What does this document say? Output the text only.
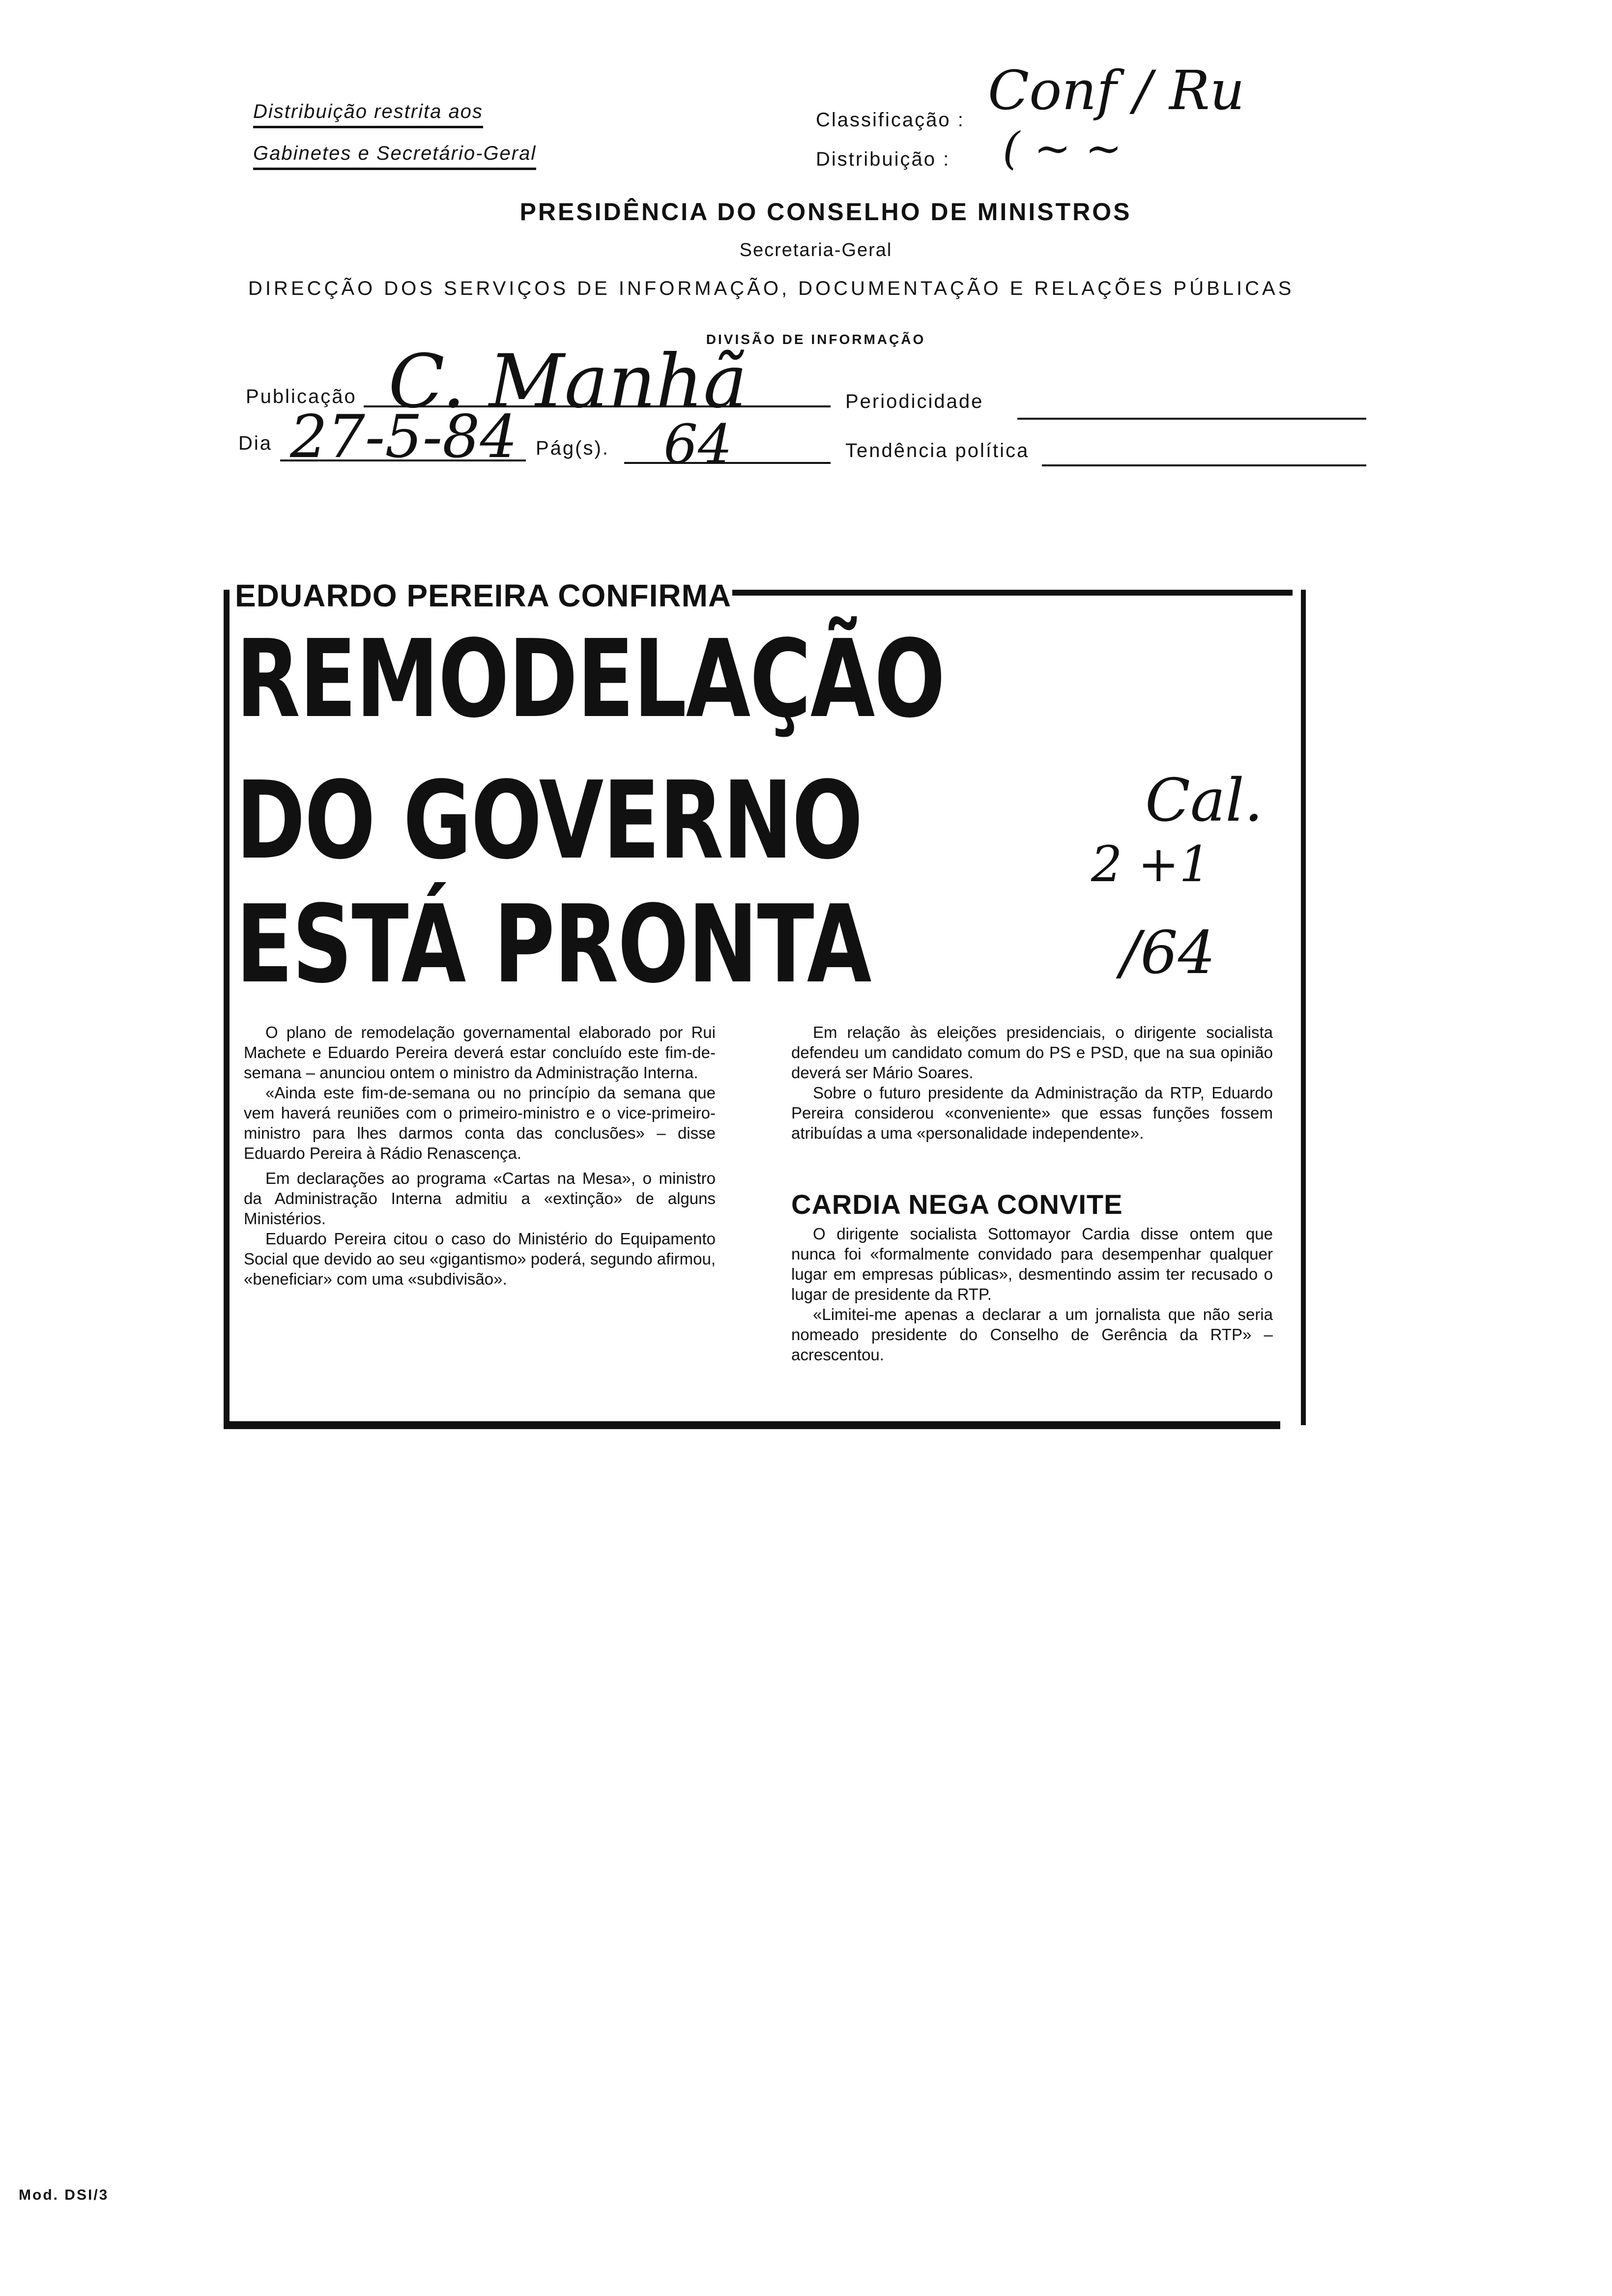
Distribuição restrita aos
Gabinetes e Secretário-Geral
Classificação :
Distribuição :
Conf / Ru
( ~ ~
PRESIDÊNCIA DO CONSELHO DE MINISTROS
Secretaria-Geral
DIRECÇÃO DOS SERVIÇOS DE INFORMAÇÃO, DOCUMENTAÇÃO E RELAÇÕES PÚBLICAS
DIVISÃO DE INFORMAÇÃO
Publicação C. Manhã	Periodicidade
Dia 27-5-84 Pág(s). 64	Tendência política
EDUARDO PEREIRA CONFIRMA
REMODELAÇÃO
DO GOVERNO
ESTÁ PRONTA
Cal.
2 +1
/64

O plano de remodelação governamental elaborado por Rui Machete e Eduardo Pereira deverá estar concluído este fim-de-semana – anunciou ontem o ministro da Administração Interna.

«Ainda este fim-de-semana ou no princípio da semana que vem haverá reuniões com o primeiro-ministro e o vice-primeiro-ministro para lhes darmos conta das conclusões» – disse Eduardo Pereira à Rádio Renascença.

Em declarações ao programa «Cartas na Mesa», o ministro da Administração Interna admitiu a «extinção» de alguns Ministérios.

Eduardo Pereira citou o caso do Ministério do Equipamento Social que devido ao seu «gigantismo» poderá, segundo afirmou, «beneficiar» com uma «subdivisão».

Em relação às eleições presidenciais, o dirigente socialista defendeu um candidato comum do PS e PSD, que na sua opinião deverá ser Mário Soares.

Sobre o futuro presidente da Administração da RTP, Eduardo Pereira considerou «conveniente» que essas funções fossem atribuídas a uma «personalidade independente».

CARDIA NEGA CONVITE

O dirigente socialista Sottomayor Cardia disse ontem que nunca foi «formalmente convidado para desempenhar qualquer lugar em empresas públicas», desmentindo assim ter recusado o lugar de presidente da RTP.

«Limitei-me apenas a declarar a um jornalista que não seria nomeado presidente do Conselho de Gerência da RTP» – acrescentou.

Mod. DSI/3
